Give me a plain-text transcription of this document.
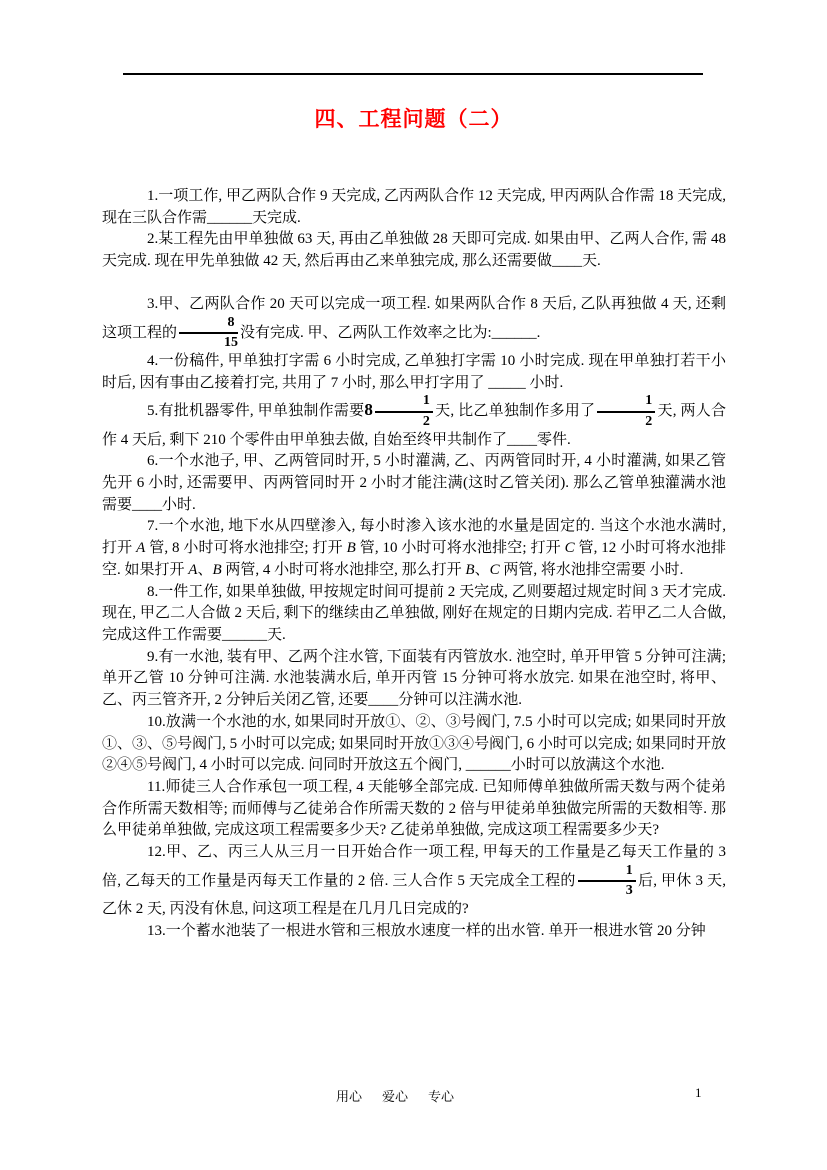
四、工程问题（二）

1.一项工作, 甲乙两队合作 9 天完成, 乙丙两队合作 12 天完成, 甲丙两队合作需 18 天完成, 现在三队合作需______天完成.

2.某工程先由甲单独做 63 天, 再由乙单独做 28 天即可完成. 如果由甲、乙两人合作, 需 48 天完成. 现在甲先单独做 42 天, 然后再由乙来单独完成, 那么还需要做____天.

3.甲、乙两队合作 20 天可以完成一项工程. 如果两队合作 8 天后, 乙队再独做 4 天, 还剩这项工程的 $\frac{8}{15}$ 没有完成. 甲、乙两队工作效率之比为:______.

4.一份稿件, 甲单独打字需 6 小时完成, 乙单独打字需 10 小时完成. 现在甲单独打若干小时后, 因有事由乙接着打完, 共用了 7 小时, 那么甲打字用了 _____ 小时.

5.有批机器零件, 甲单独制作需要$8 \frac{1}{2}$ 天, 比乙单独制作多用了 $\frac{1}{2}$ 天, 两人合作 4 天后, 剩下 210 个零件由甲单独去做, 自始至终甲共制作了____零件.

6.一个水池子, 甲、乙两管同时开, 5 小时灌满, 乙、丙两管同时开, 4 小时灌满, 如果乙管先开 6 小时, 还需要甲、丙两管同时开 2 小时才能注满(这时乙管关闭). 那么乙管单独灌满水池需要____小时.

7.一个水池, 地下水从四壁渗入, 每小时渗入该水池的水量是固定的. 当这个水池水满时, 打开 A 管, 8 小时可将水池排空; 打开 B 管, 10 小时可将水池排空; 打开 C 管, 12 小时可将水池排空. 如果打开 A、B 两管, 4 小时可将水池排空, 那么打开 B、C 两管, 将水池排空需要 小时.

8.一件工作, 如果单独做, 甲按规定时间可提前 2 天完成, 乙则要超过规定时间 3 天才完成. 现在, 甲乙二人合做 2 天后, 剩下的继续由乙单独做, 刚好在规定的日期内完成. 若甲乙二人合做, 完成这件工作需要______天.

9.有一水池, 装有甲、乙两个注水管, 下面装有丙管放水. 池空时, 单开甲管 5 分钟可注满; 单开乙管 10 分钟可注满. 水池装满水后, 单开丙管 15 分钟可将水放完. 如果在池空时, 将甲、乙、丙三管齐开, 2 分钟后关闭乙管, 还要____分钟可以注满水池.

10.放满一个水池的水, 如果同时开放①、②、③号阀门, 7.5 小时可以完成; 如果同时开放①、③、⑤号阀门, 5 小时可以完成; 如果同时开放①③④号阀门, 6 小时可以完成; 如果同时开放②④⑤号阀门, 4 小时可以完成. 问同时开放这五个阀门, ______小时可以放满这个水池.

11.师徒三人合作承包一项工程, 4 天能够全部完成. 已知师傅单独做所需天数与两个徒弟合作所需天数相等; 而师傅与乙徒弟合作所需天数的 2 倍与甲徒弟单独做完所需的天数相等. 那么甲徒弟单独做, 完成这项工程需要多少天? 乙徒弟单独做, 完成这项工程需要多少天?

12.甲、乙、丙三人从三月一日开始合作一项工程, 甲每天的工作量是乙每天工作量的 3 倍, 乙每天的工作量是丙每天工作量的 2 倍. 三人合作 5 天完成全工程的 $\frac{1}{3}$ 后, 甲休 3 天, 乙休 2 天, 丙没有休息, 问这项工程是在几月几日完成的?

13.一个蓄水池装了一根进水管和三根放水速度一样的出水管. 单开一根进水管 20 分钟

用心 爱心 专心	1
